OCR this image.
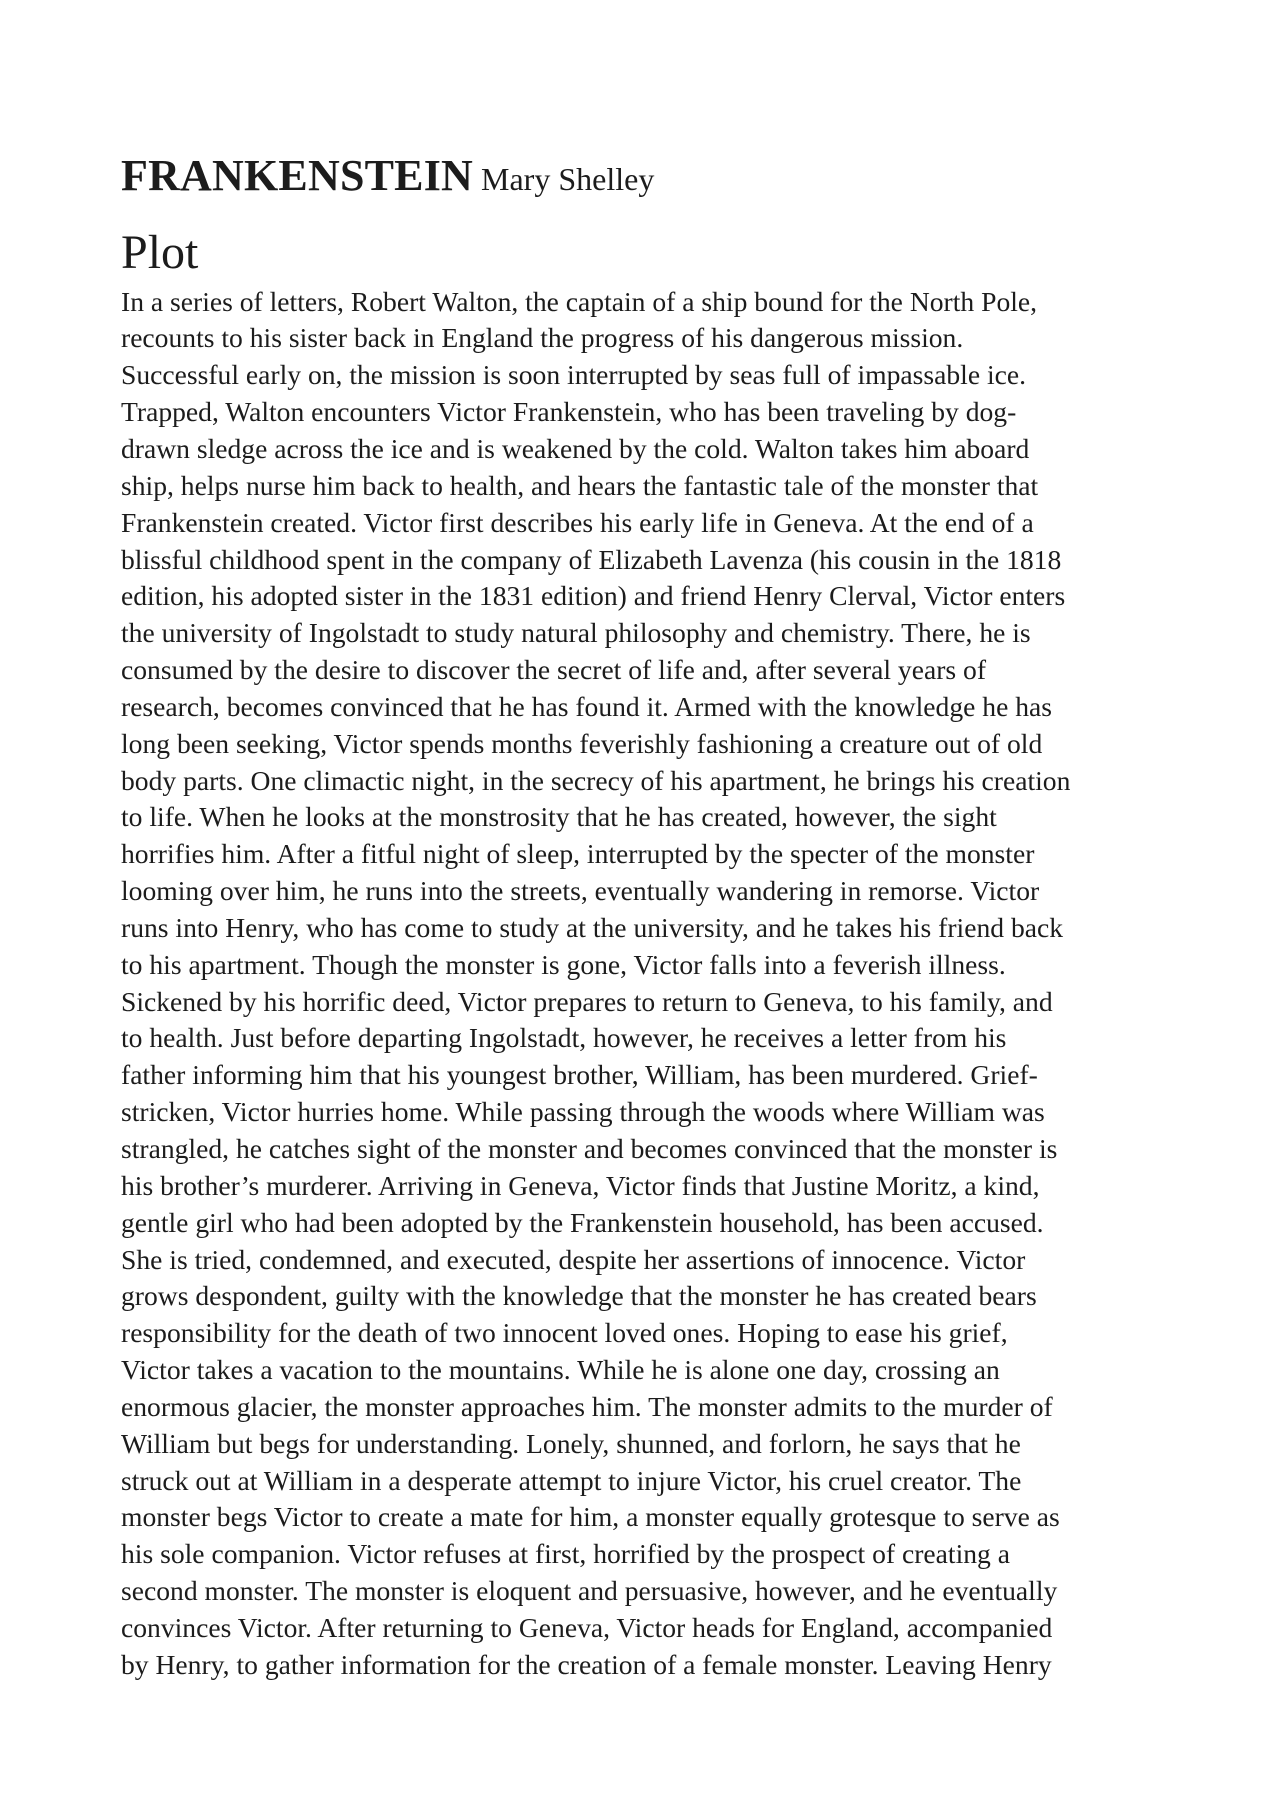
FRANKENSTEIN Mary Shelley
Plot
In a series of letters, Robert Walton, the captain of a ship bound for the North Pole,
recounts to his sister back in England the progress of his dangerous mission.
Successful early on, the mission is soon interrupted by seas full of impassable ice.
Trapped, Walton encounters Victor Frankenstein, who has been traveling by dog-
drawn sledge across the ice and is weakened by the cold. Walton takes him aboard
ship, helps nurse him back to health, and hears the fantastic tale of the monster that
Frankenstein created. Victor first describes his early life in Geneva. At the end of a
blissful childhood spent in the company of Elizabeth Lavenza (his cousin in the 1818
edition, his adopted sister in the 1831 edition) and friend Henry Clerval, Victor enters
the university of Ingolstadt to study natural philosophy and chemistry. There, he is
consumed by the desire to discover the secret of life and, after several years of
research, becomes convinced that he has found it. Armed with the knowledge he has
long been seeking, Victor spends months feverishly fashioning a creature out of old
body parts. One climactic night, in the secrecy of his apartment, he brings his creation
to life. When he looks at the monstrosity that he has created, however, the sight
horrifies him. After a fitful night of sleep, interrupted by the specter of the monster
looming over him, he runs into the streets, eventually wandering in remorse. Victor
runs into Henry, who has come to study at the university, and he takes his friend back
to his apartment. Though the monster is gone, Victor falls into a feverish illness.
Sickened by his horrific deed, Victor prepares to return to Geneva, to his family, and
to health. Just before departing Ingolstadt, however, he receives a letter from his
father informing him that his youngest brother, William, has been murdered. Grief-
stricken, Victor hurries home. While passing through the woods where William was
strangled, he catches sight of the monster and becomes convinced that the monster is
his brother’s murderer. Arriving in Geneva, Victor finds that Justine Moritz, a kind,
gentle girl who had been adopted by the Frankenstein household, has been accused.
She is tried, condemned, and executed, despite her assertions of innocence. Victor
grows despondent, guilty with the knowledge that the monster he has created bears
responsibility for the death of two innocent loved ones. Hoping to ease his grief,
Victor takes a vacation to the mountains. While he is alone one day, crossing an
enormous glacier, the monster approaches him. The monster admits to the murder of
William but begs for understanding. Lonely, shunned, and forlorn, he says that he
struck out at William in a desperate attempt to injure Victor, his cruel creator. The
monster begs Victor to create a mate for him, a monster equally grotesque to serve as
his sole companion. Victor refuses at first, horrified by the prospect of creating a
second monster. The monster is eloquent and persuasive, however, and he eventually
convinces Victor. After returning to Geneva, Victor heads for England, accompanied
by Henry, to gather information for the creation of a female monster. Leaving Henry
